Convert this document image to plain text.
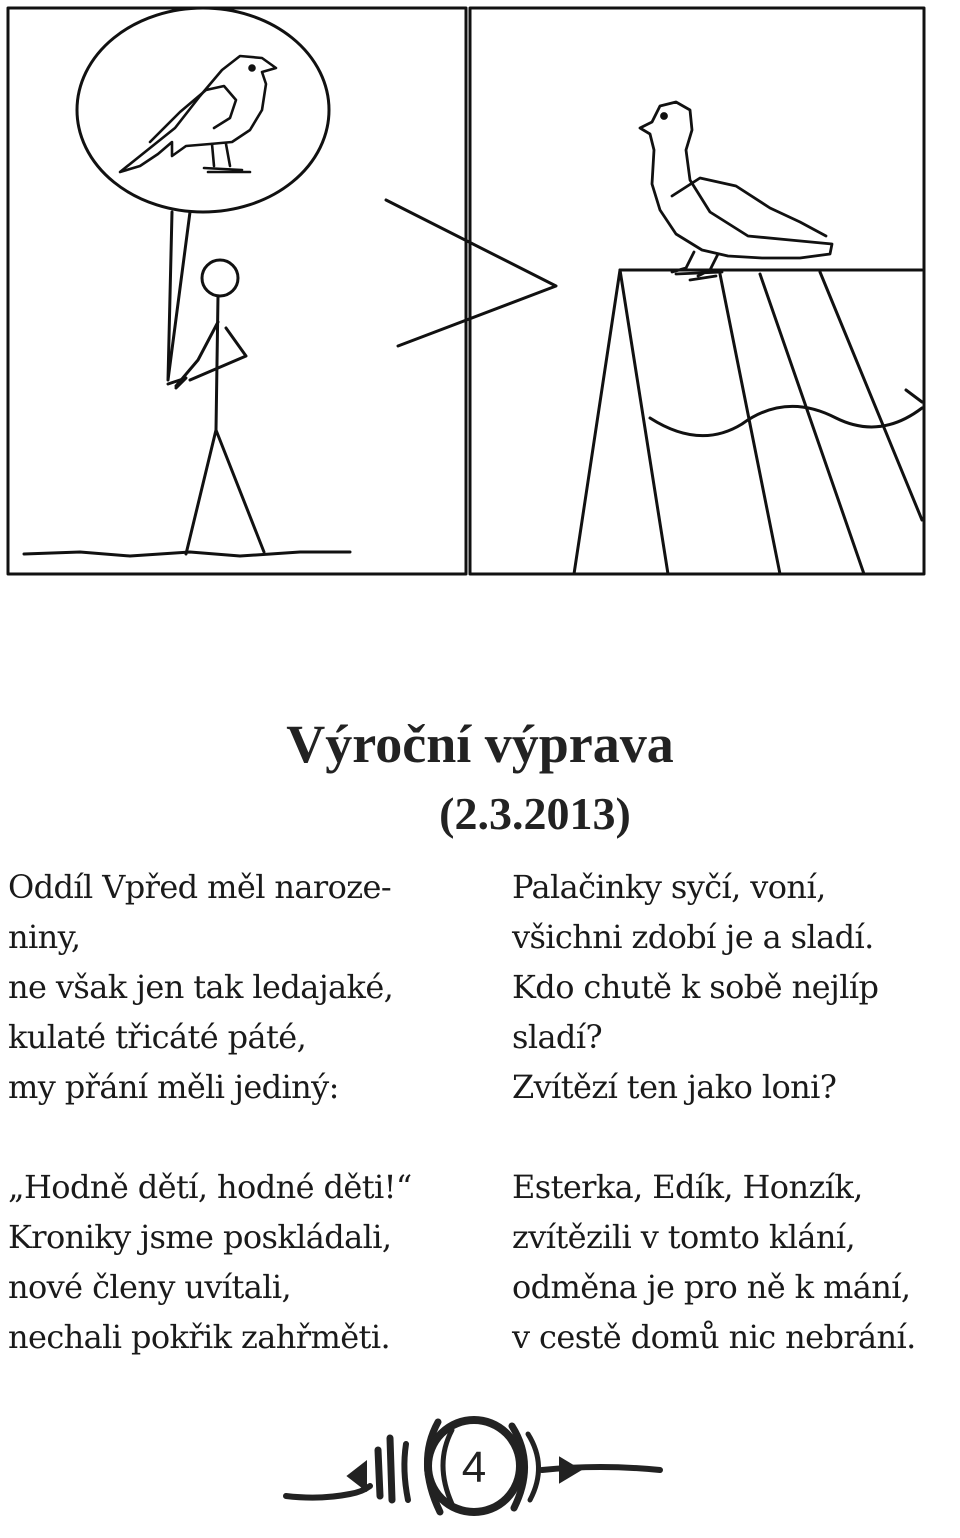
Výroční výprava
(2.3.2013)
Oddíl Vpřed měl naroze-
niny,
ne však jen tak ledajaké,
kulaté třicáté páté,
my přání měli jediný:
„Hodně dětí, hodné děti!“
Kroniky jsme poskládali,
nové členy uvítali,
nechali pokřik zahřměti.
Palačinky syčí, voní,
všichni zdobí je a sladí.
Kdo chutě k sobě nejlíp
sladí?
Zvítězí ten jako loni?
Esterka, Edík, Honzík,
zvítězili v tomto klání,
odměna je pro ně k mání,
v cestě domů nic nebrání.
4
